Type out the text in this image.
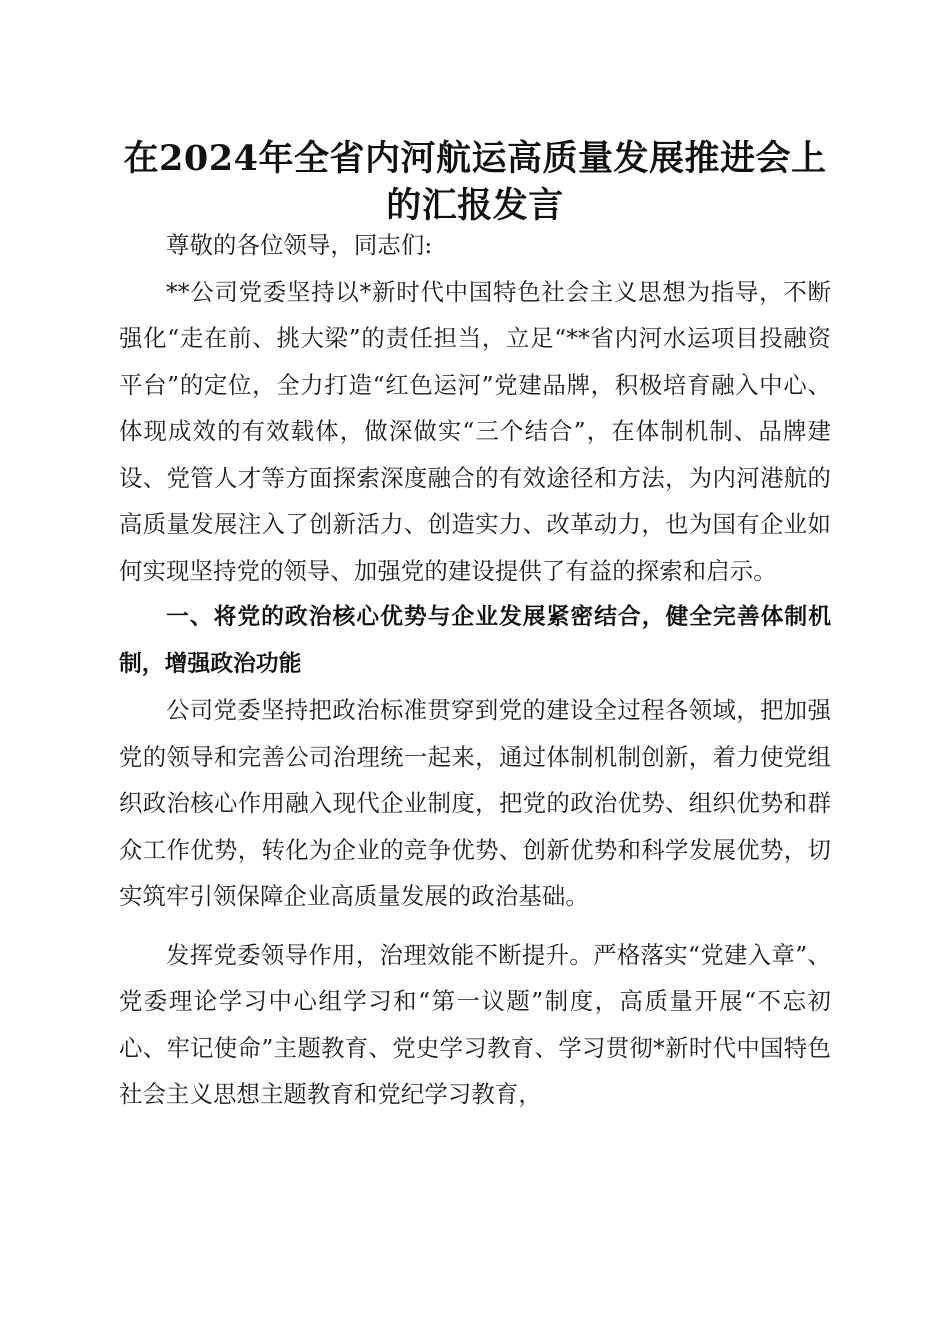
在2024年全省内河航运高质量发展推进会上的汇报发言

尊敬的各位领导，同志们:

**公司党委坚持以*新时代中国特色社会主义思想为指导，不断强化“走在前、挑大梁”的责任担当，立足“**省内河水运项目投融资平台”的定位，全力打造“红色运河”党建品牌，积极培育融入中心、体现成效的有效载体，做深做实“三个结合”，在体制机制、品牌建设、党管人才等方面探索深度融合的有效途径和方法，为内河港航的高质量发展注入了创新活力、创造实力、改革动力，也为国有企业如何实现坚持党的领导、加强党的建设提供了有益的探索和启示。

一、将党的政治核心优势与企业发展紧密结合，健全完善体制机制，增强政治功能

公司党委坚持把政治标准贯穿到党的建设全过程各领域，把加强党的领导和完善公司治理统一起来，通过体制机制创新，着力使党组织政治核心作用融入现代企业制度，把党的政治优势、组织优势和群众工作优势，转化为企业的竞争优势、创新优势和科学发展优势，切实筑牢引领保障企业高质量发展的政治基础。

发挥党委领导作用，治理效能不断提升。严格落实“党建入章”、党委理论学习中心组学习和“第一议题”制度，高质量开展“不忘初心、牢记使命”主题教育、党史学习教育、学习贯彻*新时代中国特色社会主义思想主题教育和党纪学习教育，
